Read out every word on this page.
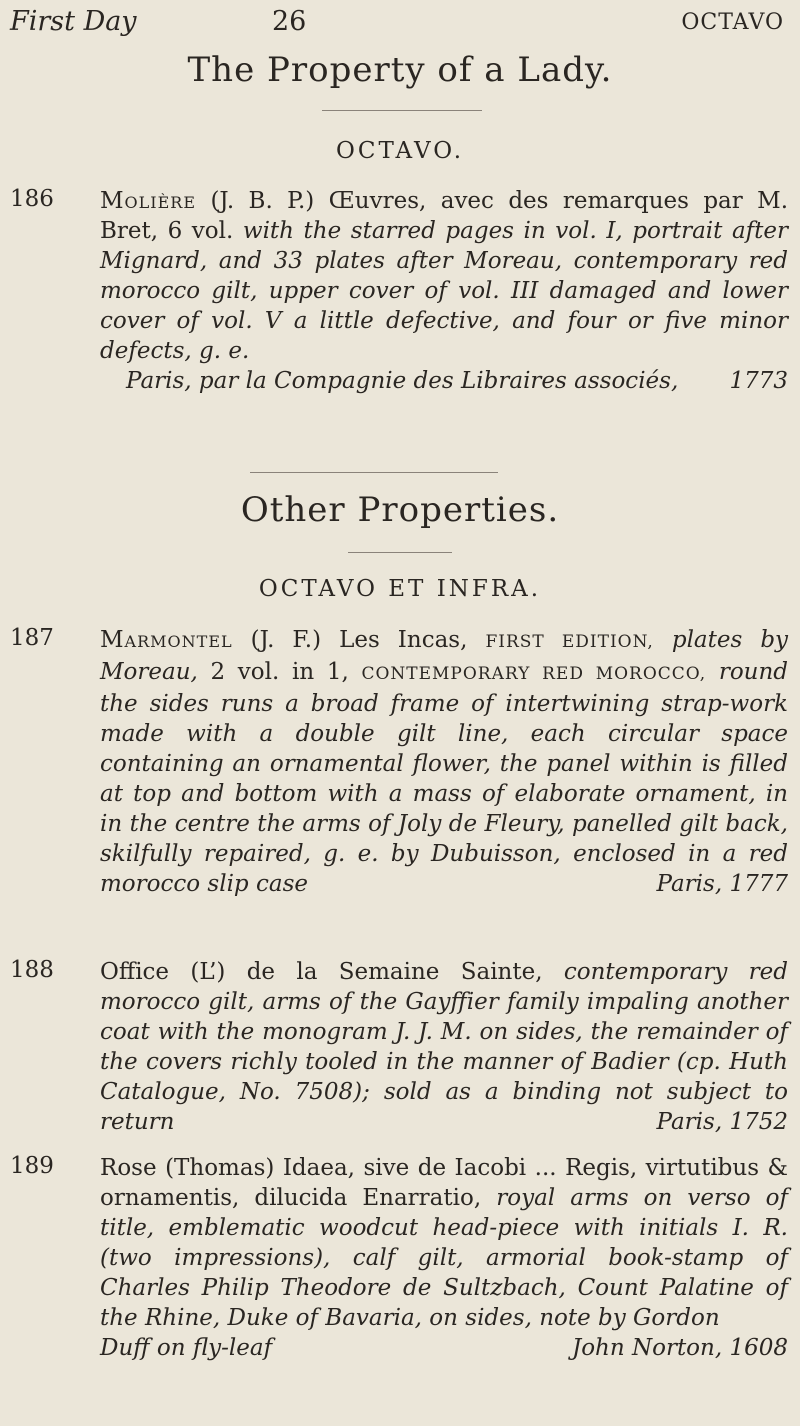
First Day	26	OCTAVO
The Property of a Lady.
OCTAVO.
186 Molière (J. B. P.) Œuvres, avec des remarques par M. Bret, 6 vol. with the starred pages in vol. I, portrait after Mignard, and 33 plates after Moreau, contemporary red morocco gilt, upper cover of vol. III damaged and lower cover of vol. V a little defective, and four or five minor defects, g. e.
Paris, par la Compagnie des Libraires associés, 1773
Other Properties.
OCTAVO ET INFRA.
187 Marmontel (J. F.) Les Incas, FIRST EDITION, plates by Moreau, 2 vol. in 1, CONTEMPORARY RED MOROCCO, round the sides runs a broad frame of intertwining strap-work made with a double gilt line, each circular space containing an ornamental flower, the panel within is filled at top and bottom with a mass of elaborate ornament, in in the centre the arms of Joly de Fleury, panelled gilt back, skilfully repaired, g. e. by Dubuisson, enclosed in a red morocco slip case	Paris, 1777
188 Office (L’) de la Semaine Sainte, contemporary red morocco gilt, arms of the Gayffier family impaling another coat with the monogram J. J. M. on sides, the remainder of the covers richly tooled in the manner of Badier (cp. Huth Catalogue, No. 7508); sold as a binding not subject to return	Paris, 1752
189 Rose (Thomas) Idaea, sive de Iacobi ... Regis, virtutibus & ornamentis, dilucida Enarratio, royal arms on verso of title, emblematic woodcut head-piece with initials I. R. (two impressions), calf gilt, armorial book-stamp of Charles Philip Theodore de Sultzbach, Count Palatine of the Rhine, Duke of Bavaria, on sides, note by Gordon
Duff on fly-leaf	John Norton, 1608
